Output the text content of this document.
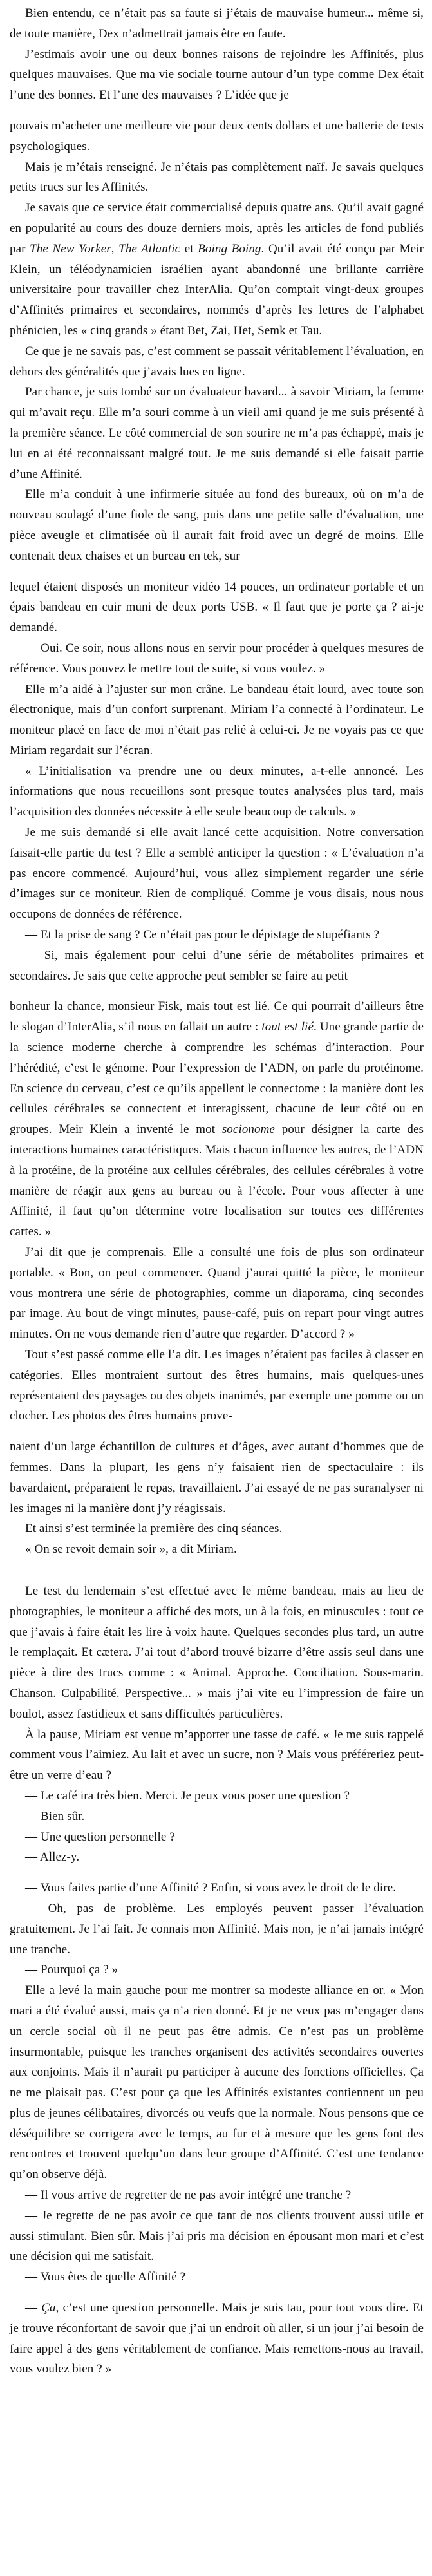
Bien entendu, ce n’était pas sa faute si j’étais de mauvaise humeur... même si, de toute manière, Dex n’admettrait jamais être en faute.

J’estimais avoir une ou deux bonnes raisons de rejoindre les Affinités, plus quelques mauvaises. Que ma vie sociale tourne autour d’un type comme Dex était l’une des bonnes. Et l’une des mauvaises ? L’idée que je

pouvais m’acheter une meilleure vie pour deux cents dollars et une batterie de tests psychologiques.

Mais je m’étais renseigné. Je n’étais pas complètement naïf. Je savais quelques petits trucs sur les Affinités.

Je savais que ce service était commercialisé depuis quatre ans. Qu’il avait gagné en popularité au cours des douze derniers mois, après les articles de fond publiés par The New Yorker, The Atlantic et Boing Boing. Qu’il avait été conçu par Meir Klein, un téléodynamicien israélien ayant abandonné une brillante carrière universitaire pour travailler chez InterAlia. Qu’on comptait vingt-deux groupes d’Affinités primaires et secondaires, nommés d’après les lettres de l’alphabet phénicien, les « cinq grands » étant Bet, Zai, Het, Semk et Tau.

Ce que je ne savais pas, c’est comment se passait véritablement l’évaluation, en dehors des généralités que j’avais lues en ligne.

Par chance, je suis tombé sur un évaluateur bavard... à savoir Miriam, la femme qui m’avait reçu. Elle m’a souri comme à un vieil ami quand je me suis présenté à la première séance. Le côté commercial de son sourire ne m’a pas échappé, mais je lui en ai été reconnaissant malgré tout. Je me suis demandé si elle faisait partie d’une Affinité.

Elle m’a conduit à une infirmerie située au fond des bureaux, où on m’a de nouveau soulagé d’une fiole de sang, puis dans une petite salle d’évaluation, une pièce aveugle et climatisée où il aurait fait froid avec un degré de moins. Elle contenait deux chaises et un bureau en tek, sur

lequel étaient disposés un moniteur vidéo 14 pouces, un ordinateur portable et un épais bandeau en cuir muni de deux ports USB. « Il faut que je porte ça ? ai-je demandé.

— Oui. Ce soir, nous allons nous en servir pour procéder à quelques mesures de référence. Vous pouvez le mettre tout de suite, si vous voulez. »

Elle m’a aidé à l’ajuster sur mon crâne. Le bandeau était lourd, avec toute son électronique, mais d’un confort surprenant. Miriam l’a connecté à l’ordinateur. Le moniteur placé en face de moi n’était pas relié à celui-ci. Je ne voyais pas ce que Miriam regardait sur l’écran.

« L’initialisation va prendre une ou deux minutes, a-t-elle annoncé. Les informations que nous recueillons sont presque toutes analysées plus tard, mais l’acquisition des données nécessite à elle seule beaucoup de calculs. »

Je me suis demandé si elle avait lancé cette acquisition. Notre conversation faisait-elle partie du test ? Elle a semblé anticiper la question : « L’évaluation n’a pas encore commencé. Aujourd’hui, vous allez simplement regarder une série d’images sur ce moniteur. Rien de compliqué. Comme je vous disais, nous nous occupons de données de référence.

— Et la prise de sang ? Ce n’était pas pour le dépistage de stupéfiants ?

— Si, mais également pour celui d’une série de métabolites primaires et secondaires. Je sais que cette approche peut sembler se faire au petit

bonheur la chance, monsieur Fisk, mais tout est lié. Ce qui pourrait d’ailleurs être le slogan d’InterAlia, s’il nous en fallait un autre : tout est lié. Une grande partie de la science moderne cherche à comprendre les schémas d’interaction. Pour l’hérédité, c’est le génome. Pour l’expression de l’ADN, on parle du protéinome. En science du cerveau, c’est ce qu’ils appellent le connectome : la manière dont les cellules cérébrales se connectent et interagissent, chacune de leur côté ou en groupes. Meir Klein a inventé le mot socionome pour désigner la carte des interactions humaines caractéristiques. Mais chacun influence les autres, de l’ADN à la protéine, de la protéine aux cellules cérébrales, des cellules cérébrales à votre manière de réagir aux gens au bureau ou à l’école. Pour vous affecter à une Affinité, il faut qu’on détermine votre localisation sur toutes ces différentes cartes. »

J’ai dit que je comprenais. Elle a consulté une fois de plus son ordinateur portable. « Bon, on peut commencer. Quand j’aurai quitté la pièce, le moniteur vous montrera une série de photographies, comme un diaporama, cinq secondes par image. Au bout de vingt minutes, pause-café, puis on repart pour vingt autres minutes. On ne vous demande rien d’autre que regarder. D’accord ? »

Tout s’est passé comme elle l’a dit. Les images n’étaient pas faciles à classer en catégories. Elles montraient surtout des êtres humains, mais quelques-unes représentaient des paysages ou des objets inanimés, par exemple une pomme ou un clocher. Les photos des êtres humains prove-

naient d’un large échantillon de cultures et d’âges, avec autant d’hommes que de femmes. Dans la plupart, les gens n’y faisaient rien de spectaculaire : ils bavardaient, préparaient le repas, travaillaient. J’ai essayé de ne pas suranalyser ni les images ni la manière dont j’y réagissais.

Et ainsi s’est terminée la première des cinq séances.

« On se revoit demain soir », a dit Miriam.

Le test du lendemain s’est effectué avec le même bandeau, mais au lieu de photographies, le moniteur a affiché des mots, un à la fois, en minuscules : tout ce que j’avais à faire était les lire à voix haute. Quelques secondes plus tard, un autre le remplaçait. Et cætera. J’ai tout d’abord trouvé bizarre d’être assis seul dans une pièce à dire des trucs comme : « Animal. Approche. Conciliation. Sous-marin. Chanson. Culpabilité. Perspective... » mais j’ai vite eu l’impression de faire un boulot, assez fastidieux et sans difficultés particulières.

À la pause, Miriam est venue m’apporter une tasse de café. « Je me suis rappelé comment vous l’aimiez. Au lait et avec un sucre, non ? Mais vous préféreriez peut-être un verre d’eau ?

— Le café ira très bien. Merci. Je peux vous poser une question ?

— Bien sûr.

— Une question personnelle ?

— Allez-y.

— Vous faites partie d’une Affinité ? Enfin, si vous avez le droit de le dire.

— Oh, pas de problème. Les employés peuvent passer l’évaluation gratuitement. Je l’ai fait. Je connais mon Affinité. Mais non, je n’ai jamais intégré une tranche.

— Pourquoi ça ? »

Elle a levé la main gauche pour me montrer sa modeste alliance en or. « Mon mari a été évalué aussi, mais ça n’a rien donné. Et je ne veux pas m’engager dans un cercle social où il ne peut pas être admis. Ce n’est pas un problème insurmontable, puisque les tranches organisent des activités secondaires ouvertes aux conjoints. Mais il n’aurait pu participer à aucune des fonctions officielles. Ça ne me plaisait pas. C’est pour ça que les Affinités existantes contiennent un peu plus de jeunes célibataires, divorcés ou veufs que la normale. Nous pensons que ce déséquilibre se corrigera avec le temps, au fur et à mesure que les gens font des rencontres et trouvent quelqu’un dans leur groupe d’Affinité. C’est une tendance qu’on observe déjà.

— Il vous arrive de regretter de ne pas avoir intégré une tranche ?

— Je regrette de ne pas avoir ce que tant de nos clients trouvent aussi utile et aussi stimulant. Bien sûr. Mais j’ai pris ma décision en épousant mon mari et c’est une décision qui me satisfait.

— Vous êtes de quelle Affinité ?

— Ça, c’est une question personnelle. Mais je suis tau, pour tout vous dire. Et je trouve réconfortant de savoir que j’ai un endroit où aller, si un jour j’ai besoin de faire appel à des gens véritablement de confiance. Mais remettons-nous au travail, vous voulez bien ? »
